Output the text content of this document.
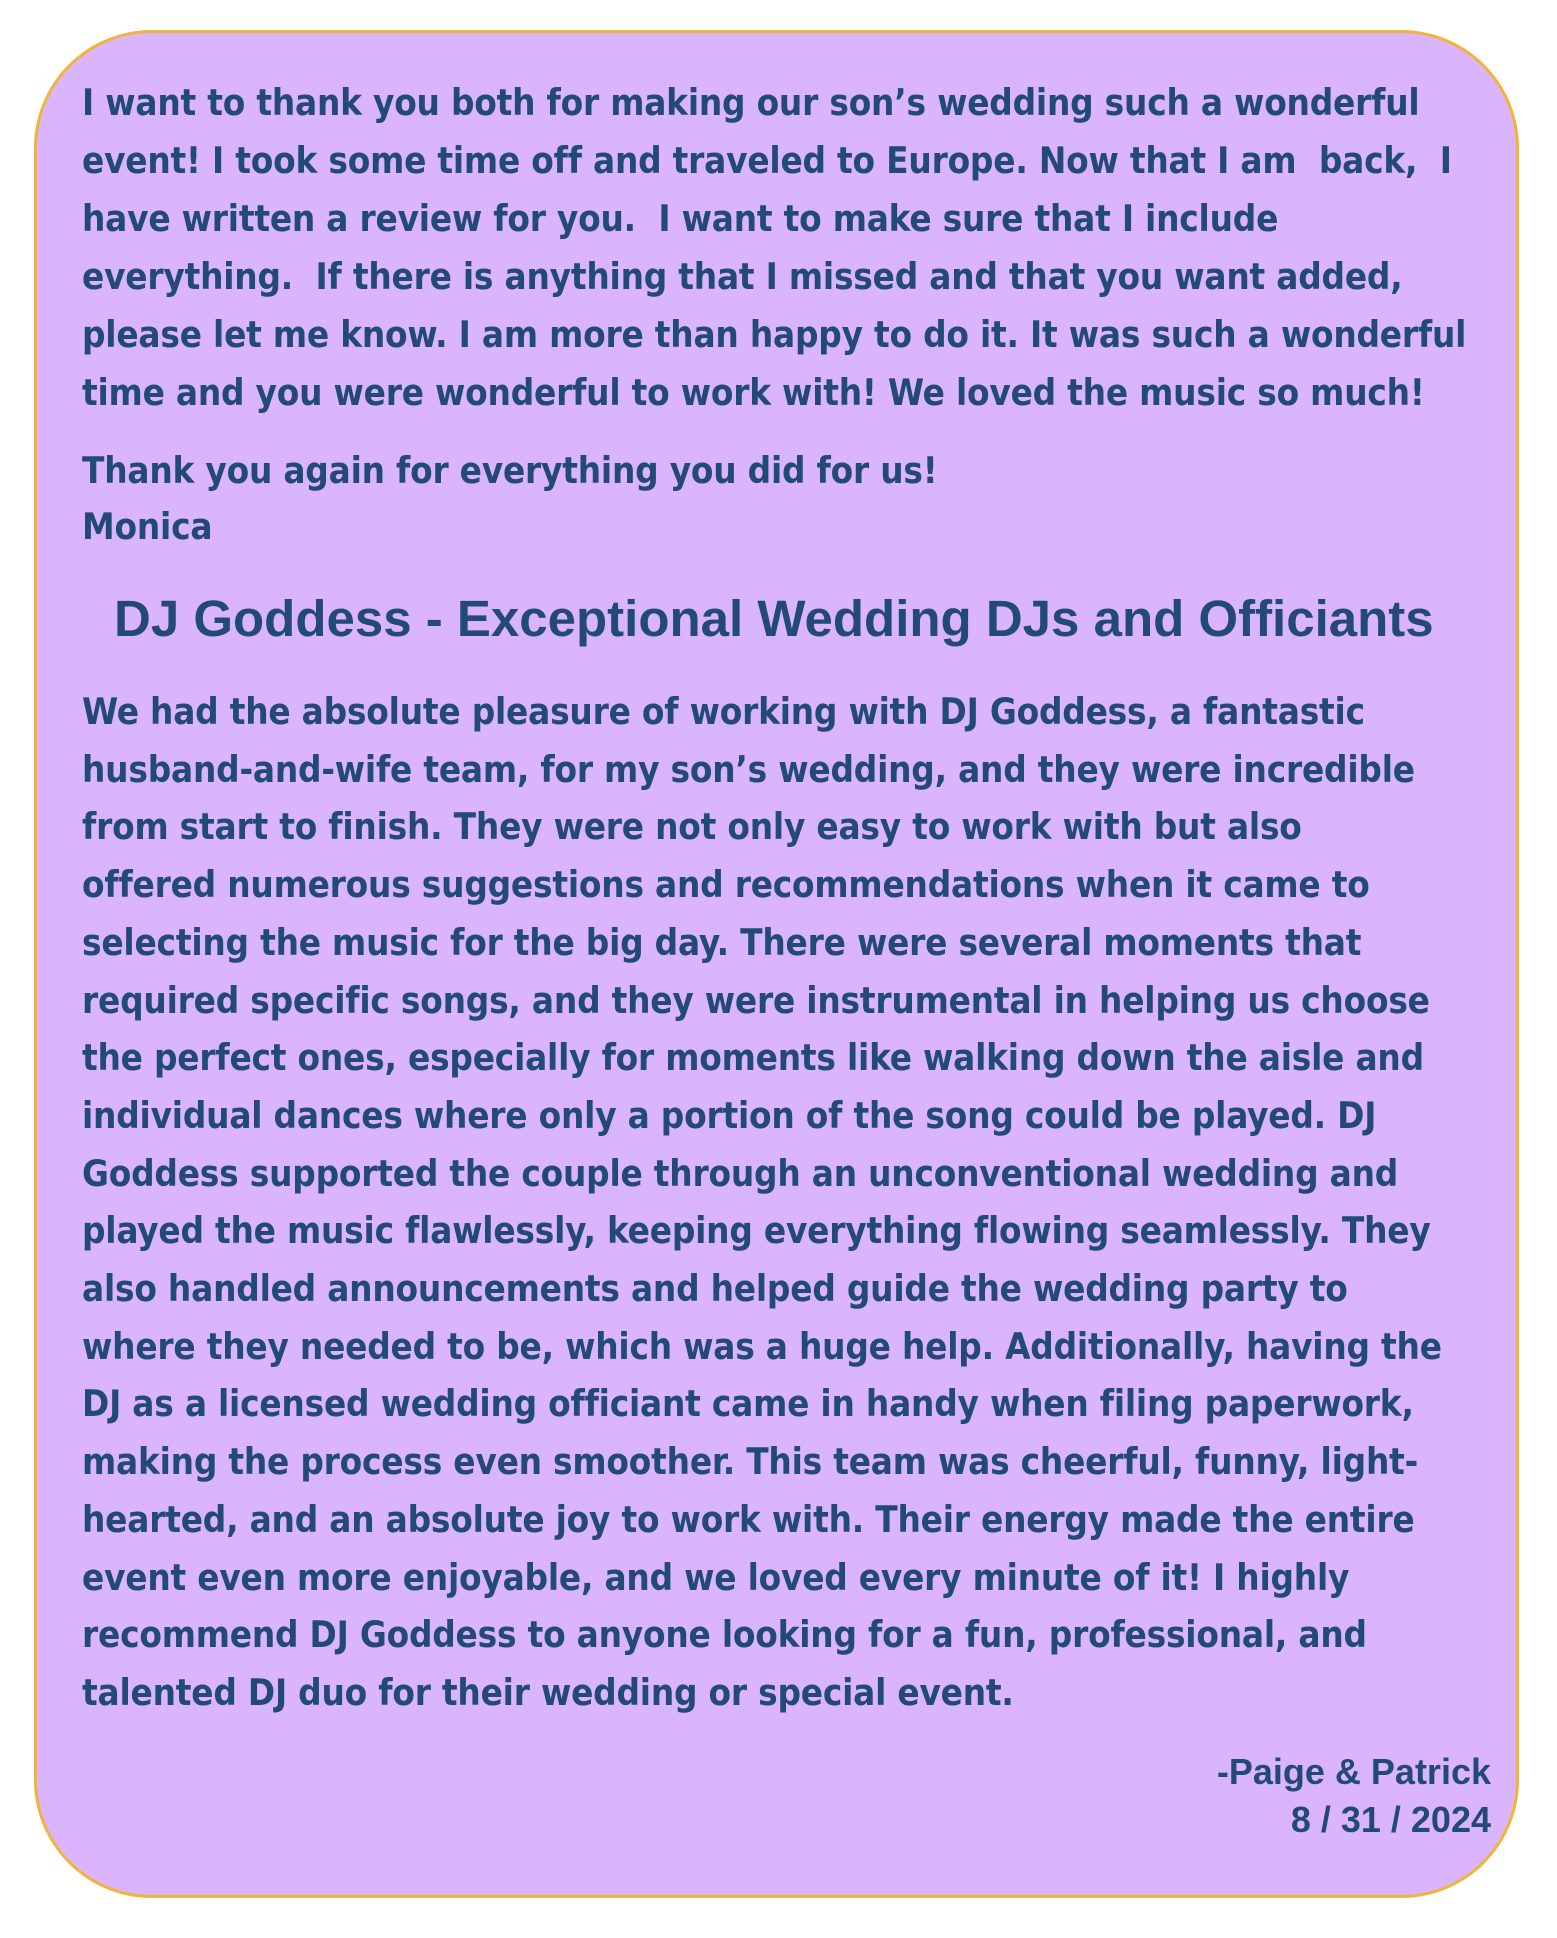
I want to thank you both for making our son’s wedding such a wonderful

event! I took some time off and traveled to Europe. Now that I am  back,  I

have written a review for you.  I want to make sure that I include

everything.  If there is anything that I missed and that you want added,

please let me know. I am more than happy to do it. It was such a wonderful

time and you were wonderful to work with! We loved the music so much!

Thank you again for everything you did for us!

Monica

DJ Goddess - Exceptional Wedding DJs and Officiants

We had the absolute pleasure of working with DJ Goddess, a fantastic

husband-and-wife team, for my son’s wedding, and they were incredible

from start to finish. They were not only easy to work with but also

offered numerous suggestions and recommendations when it came to

selecting the music for the big day. There were several moments that

required specific songs, and they were instrumental in helping us choose

the perfect ones, especially for moments like walking down the aisle and

individual dances where only a portion of the song could be played. DJ

Goddess supported the couple through an unconventional wedding and

played the music flawlessly, keeping everything flowing seamlessly. They

also handled announcements and helped guide the wedding party to

where they needed to be, which was a huge help. Additionally, having the

DJ as a licensed wedding officiant came in handy when filing paperwork,

making the process even smoother. This team was cheerful, funny, light-

hearted, and an absolute joy to work with. Their energy made the entire

event even more enjoyable, and we loved every minute of it! I highly

recommend DJ Goddess to anyone looking for a fun, professional, and

talented DJ duo for their wedding or special event.

-Paige & Patrick

8 / 31 / 2024
